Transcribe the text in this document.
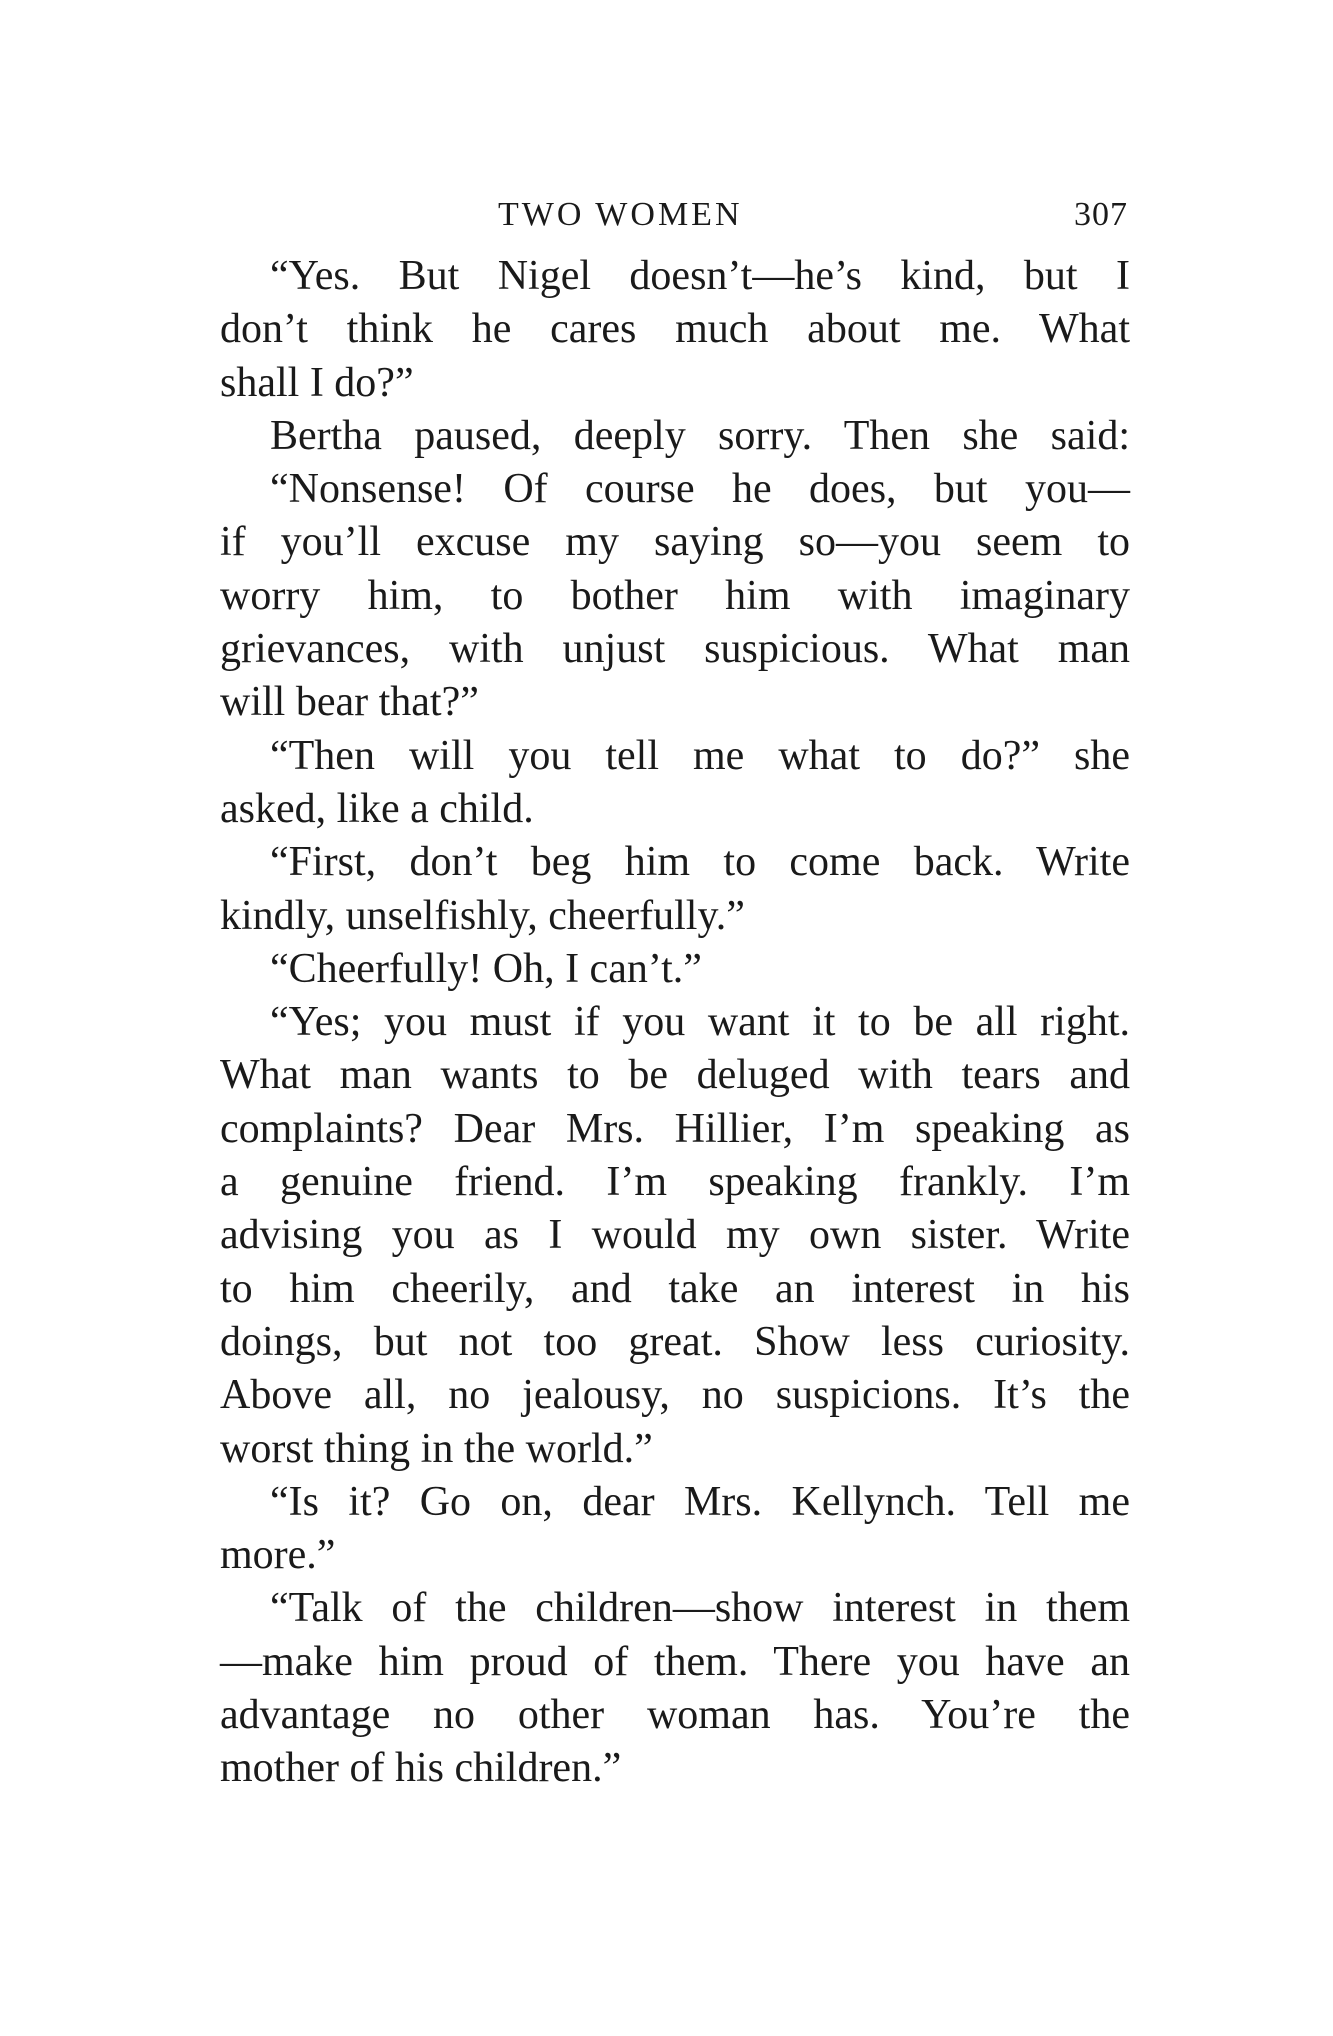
TWO WOMEN	307

“Yes. But Nigel doesn’t—he’s kind, but I
don’t think he cares much about me. What
shall I do?”

Bertha paused, deeply sorry. Then she said:

“Nonsense! Of course he does, but you—
if you’ll excuse my saying so—you seem to
worry him, to bother him with imaginary
grievances, with unjust suspicious. What man
will bear that?”

“Then will you tell me what to do?” she
asked, like a child.

“First, don’t beg him to come back. Write
kindly, unselfishly, cheerfully.”

“Cheerfully! Oh, I can’t.”

“Yes; you must if you want it to be all right.
What man wants to be deluged with tears and
complaints? Dear Mrs. Hillier, I’m speaking as
a genuine friend. I’m speaking frankly. I’m
advising you as I would my own sister. Write
to him cheerily, and take an interest in his
doings, but not too great. Show less curiosity.
Above all, no jealousy, no suspicions. It’s the
worst thing in the world.”

“Is it? Go on, dear Mrs. Kellynch. Tell me
more.”

“Talk of the children—show interest in them
—make him proud of them. There you have an
advantage no other woman has. You’re the
mother of his children.”
